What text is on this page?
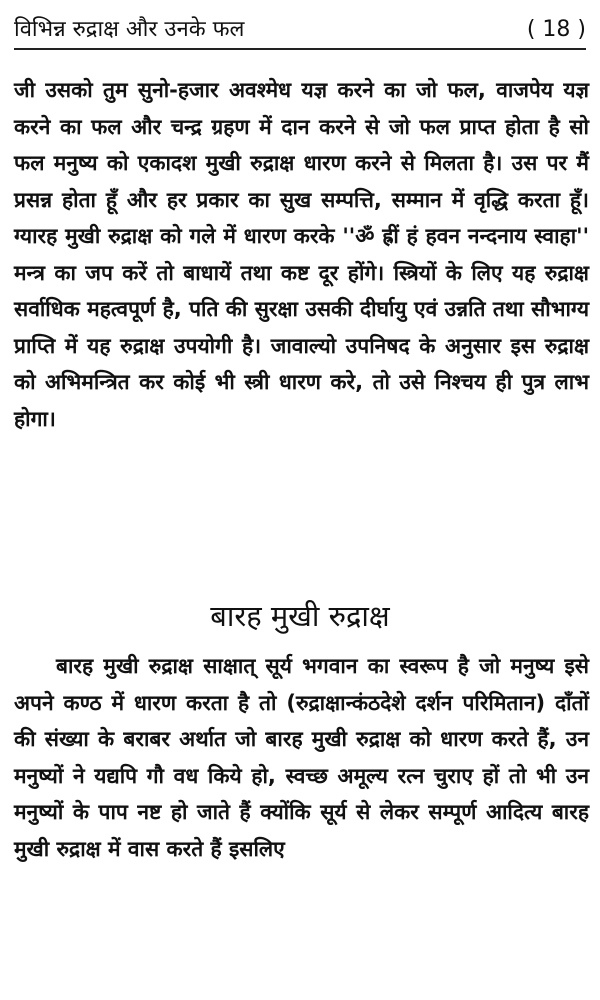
विभिन्न रुद्राक्ष और उनके फल	( 18 )

जी उसको तुम सुनो-हजार अवश्मेध यज्ञ करने का जो फल, वाजपेय यज्ञ करने का फल और चन्द्र ग्रहण में दान करने से जो फल प्राप्त होता है सो फल मनुष्य को एकादश मुखी रुद्राक्ष धारण करने से मिलता है। उस पर मैं प्रसन्न होता हूँ और हर प्रकार का सुख सम्पत्ति, सम्मान में वृद्धि करता हूँ। ग्यारह मुखी रुद्राक्ष को गले में धारण करके ''ॐ ह्रीं हं हवन नन्दनाय स्वाहा'' मन्त्र का जप करें तो बाधायें तथा कष्ट दूर होंगे। स्त्रियों के लिए यह रुद्राक्ष सर्वाधिक महत्वपूर्ण है, पति की सुरक्षा उसकी दीर्घायु एवं उन्नति तथा सौभाग्य प्राप्ति में यह रुद्राक्ष उपयोगी है। जावाल्यो उपनिषद के अनुसार इस रुद्राक्ष को अभिमन्त्रित कर कोई भी स्त्री धारण करे, तो उसे निश्चय ही पुत्र लाभ होगा।

बारह मुखी रुद्राक्ष

बारह मुखी रुद्राक्ष साक्षात् सूर्य भगवान का स्वरूप है जो मनुष्य इसे अपने कण्ठ में धारण करता है तो (रुद्राक्षान्कंठदेशे दर्शन परिमितान) दाँतों की संख्या के बराबर अर्थात जो बारह मुखी रुद्राक्ष को धारण करते हैं, उन मनुष्यों ने यद्यपि गौ वध किये हो, स्वच्छ अमूल्य रत्न चुराए हों तो भी उन मनुष्यों के पाप नष्ट हो जाते हैं क्योंकि सूर्य से लेकर सम्पूर्ण आदित्य बारह मुखी रुद्राक्ष में वास करते हैं इसलिए
